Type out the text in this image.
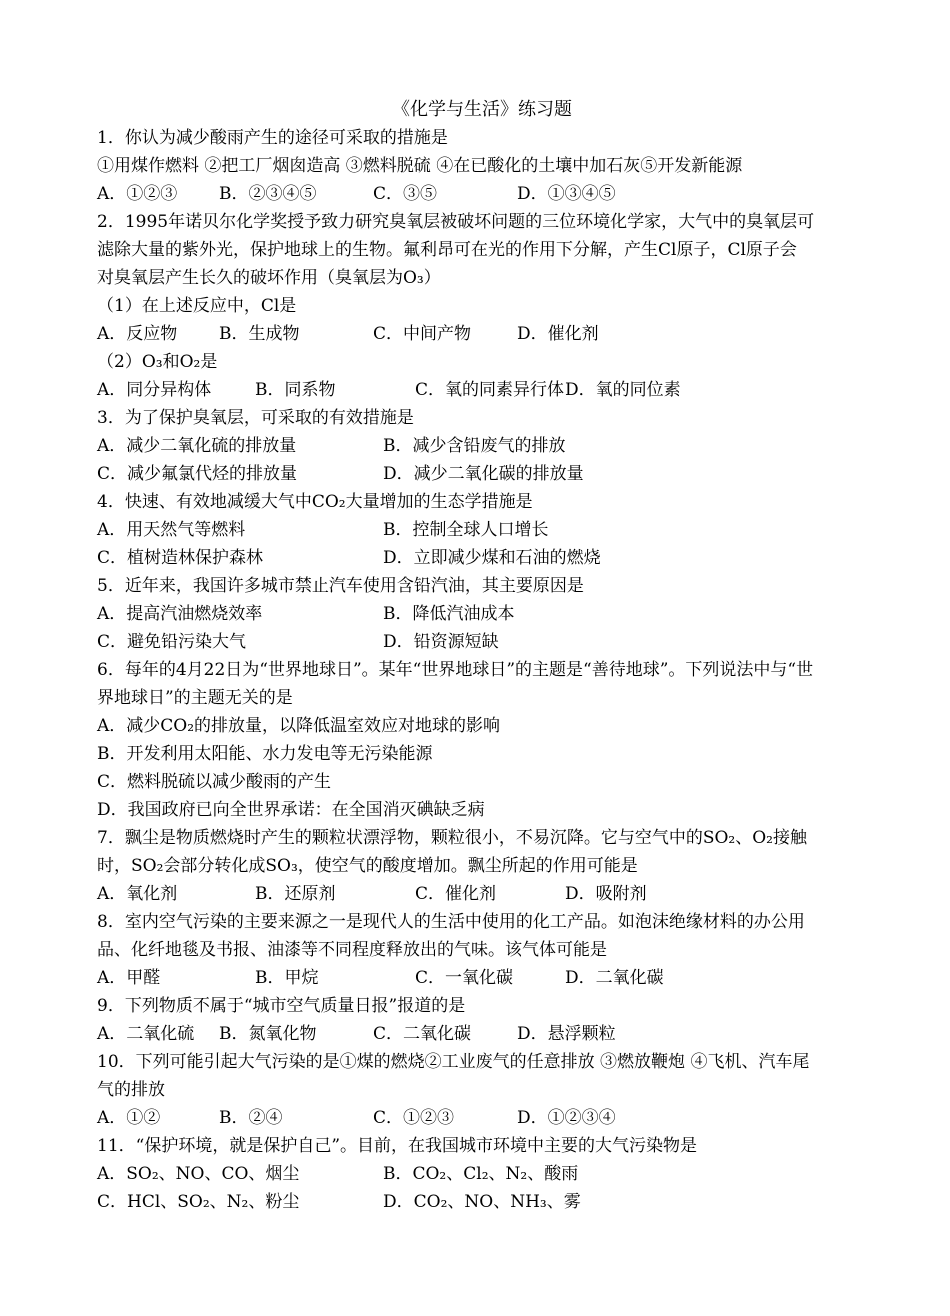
《化学与生活》练习题
1．你认为减少酸雨产生的途径可采取的措施是
①用煤作燃料 ②把工厂烟囱造高 ③燃料脱硫 ④在已酸化的土壤中加石灰⑤开发新能源
A．①②③ B．②③④⑤	C．③⑤	D．①③④⑤
2．1995年诺贝尔化学奖授予致力研究臭氧层被破坏问题的三位环境化学家，大气中的臭氧层可
滤除大量的紫外光，保护地球上的生物。氟利昂可在光的作用下分解，产生Cl原子，Cl原子会
对臭氧层产生长久的破坏作用（臭氧层为O₃）
（1）在上述反应中，Cl是
A．反应物 B．生成物	C．中间产物	D．催化剂
（2）O₃和O₂是
A．同分异构体	B．同系物	C．氧的同素异行体 D．氧的同位素
3．为了保护臭氧层，可采取的有效措施是
A．减少二氧化硫的排放量	B．减少含铅废气的排放
C．减少氟氯代烃的排放量	D．减少二氧化碳的排放量
4．快速、有效地减缓大气中CO₂大量增加的生态学措施是
A．用天然气等燃料	B．控制全球人口增长
C．植树造林保护森林	D．立即减少煤和石油的燃烧
5．近年来，我国许多城市禁止汽车使用含铅汽油，其主要原因是
A．提高汽油燃烧效率	B．降低汽油成本
C．避免铅污染大气	D．铅资源短缺
6．每年的4月22日为“世界地球日”。某年“世界地球日”的主题是“善待地球”。下列说法中与“世
界地球日”的主题无关的是
A．减少CO₂的排放量，以降低温室效应对地球的影响
B．开发利用太阳能、水力发电等无污染能源
C．燃料脱硫以减少酸雨的产生
D．我国政府已向全世界承诺：在全国消灭碘缺乏病
7．飘尘是物质燃烧时产生的颗粒状漂浮物，颗粒很小，不易沉降。它与空气中的SO₂、O₂接触
时，SO₂会部分转化成SO₃，使空气的酸度增加。飘尘所起的作用可能是
A．氧化剂	B．还原剂	C．催化剂	D．吸附剂
8．室内空气污染的主要来源之一是现代人的生活中使用的化工产品。如泡沫绝缘材料的办公用
品、化纤地毯及书报、油漆等不同程度释放出的气味。该气体可能是
A．甲醛	B．甲烷	C．一氧化碳	D．二氧化碳
9．下列物质不属于“城市空气质量日报”报道的是
A．二氧化硫 B．氮氧化物	C．二氧化碳	D．悬浮颗粒
10．下列可能引起大气污染的是①煤的燃烧②工业废气的任意排放 ③燃放鞭炮 ④飞机、汽车尾
气的排放
A．①②	B．②④	C．①②③	D．①②③④
11．“保护环境，就是保护自己”。目前，在我国城市环境中主要的大气污染物是
A．SO₂、NO、CO、烟尘	B．CO₂、Cl₂、N₂、酸雨
C．HCl、SO₂、N₂、粉尘	D．CO₂、NO、NH₃、雾
